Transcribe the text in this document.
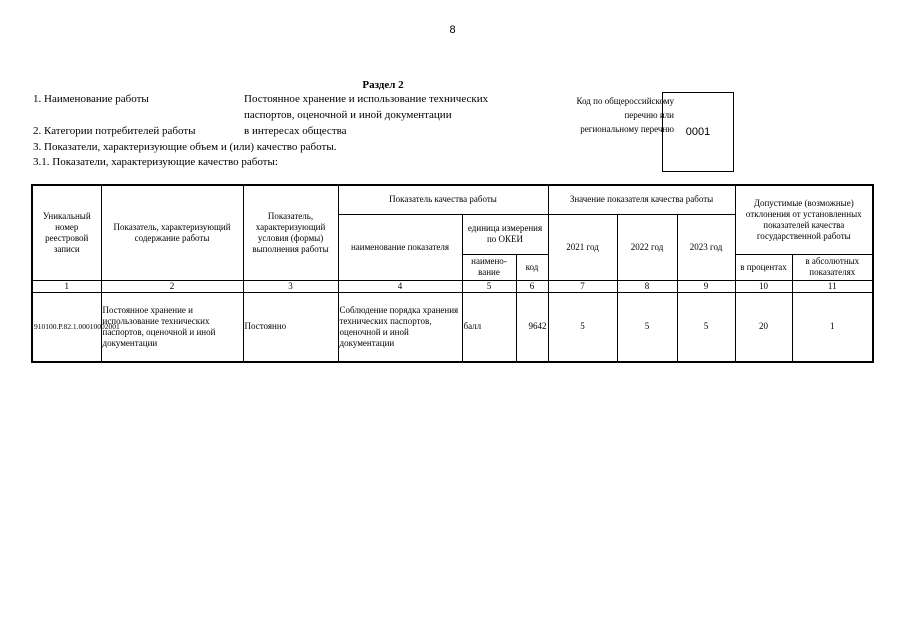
8
Раздел 2
1. Наименование работы	Постоянное хранение и использование технических
паспортов, оценочной и иной документации
2. Категории потребителей работы	в интересах общества
3. Показатели, характеризующие объем и (или) качество работы.
3.1. Показатели, характеризующие качество работы:
Код по общероссийскому
перечню или
региональному перечню 0001
Уникальный номер реестровой записи	Показатель, характеризующий содержание работы	Показатель, характеризующий условия (формы) выполнения работы	Показатель качества работы			Значение показателя качества работы			Допустимые (возможные) отклонения от установленных показателей качества государственной работы	
			наименование показателя	единица измерения по ОКЕИ		2021 год	2022 год	2023 год		
				наимено-вание	код				в процентах	в абсолютных показателях
1	2	3	4	5	6	7	8	9	10	11
910100.Р.82.1.00010002001	Постоянное хранение и использование технических паспортов, оценочной и иной документации	Постоянно	Соблюдение порядка хранения технических паспортов, оценочной и иной документации	балл	9642	5	5	5	20	1
